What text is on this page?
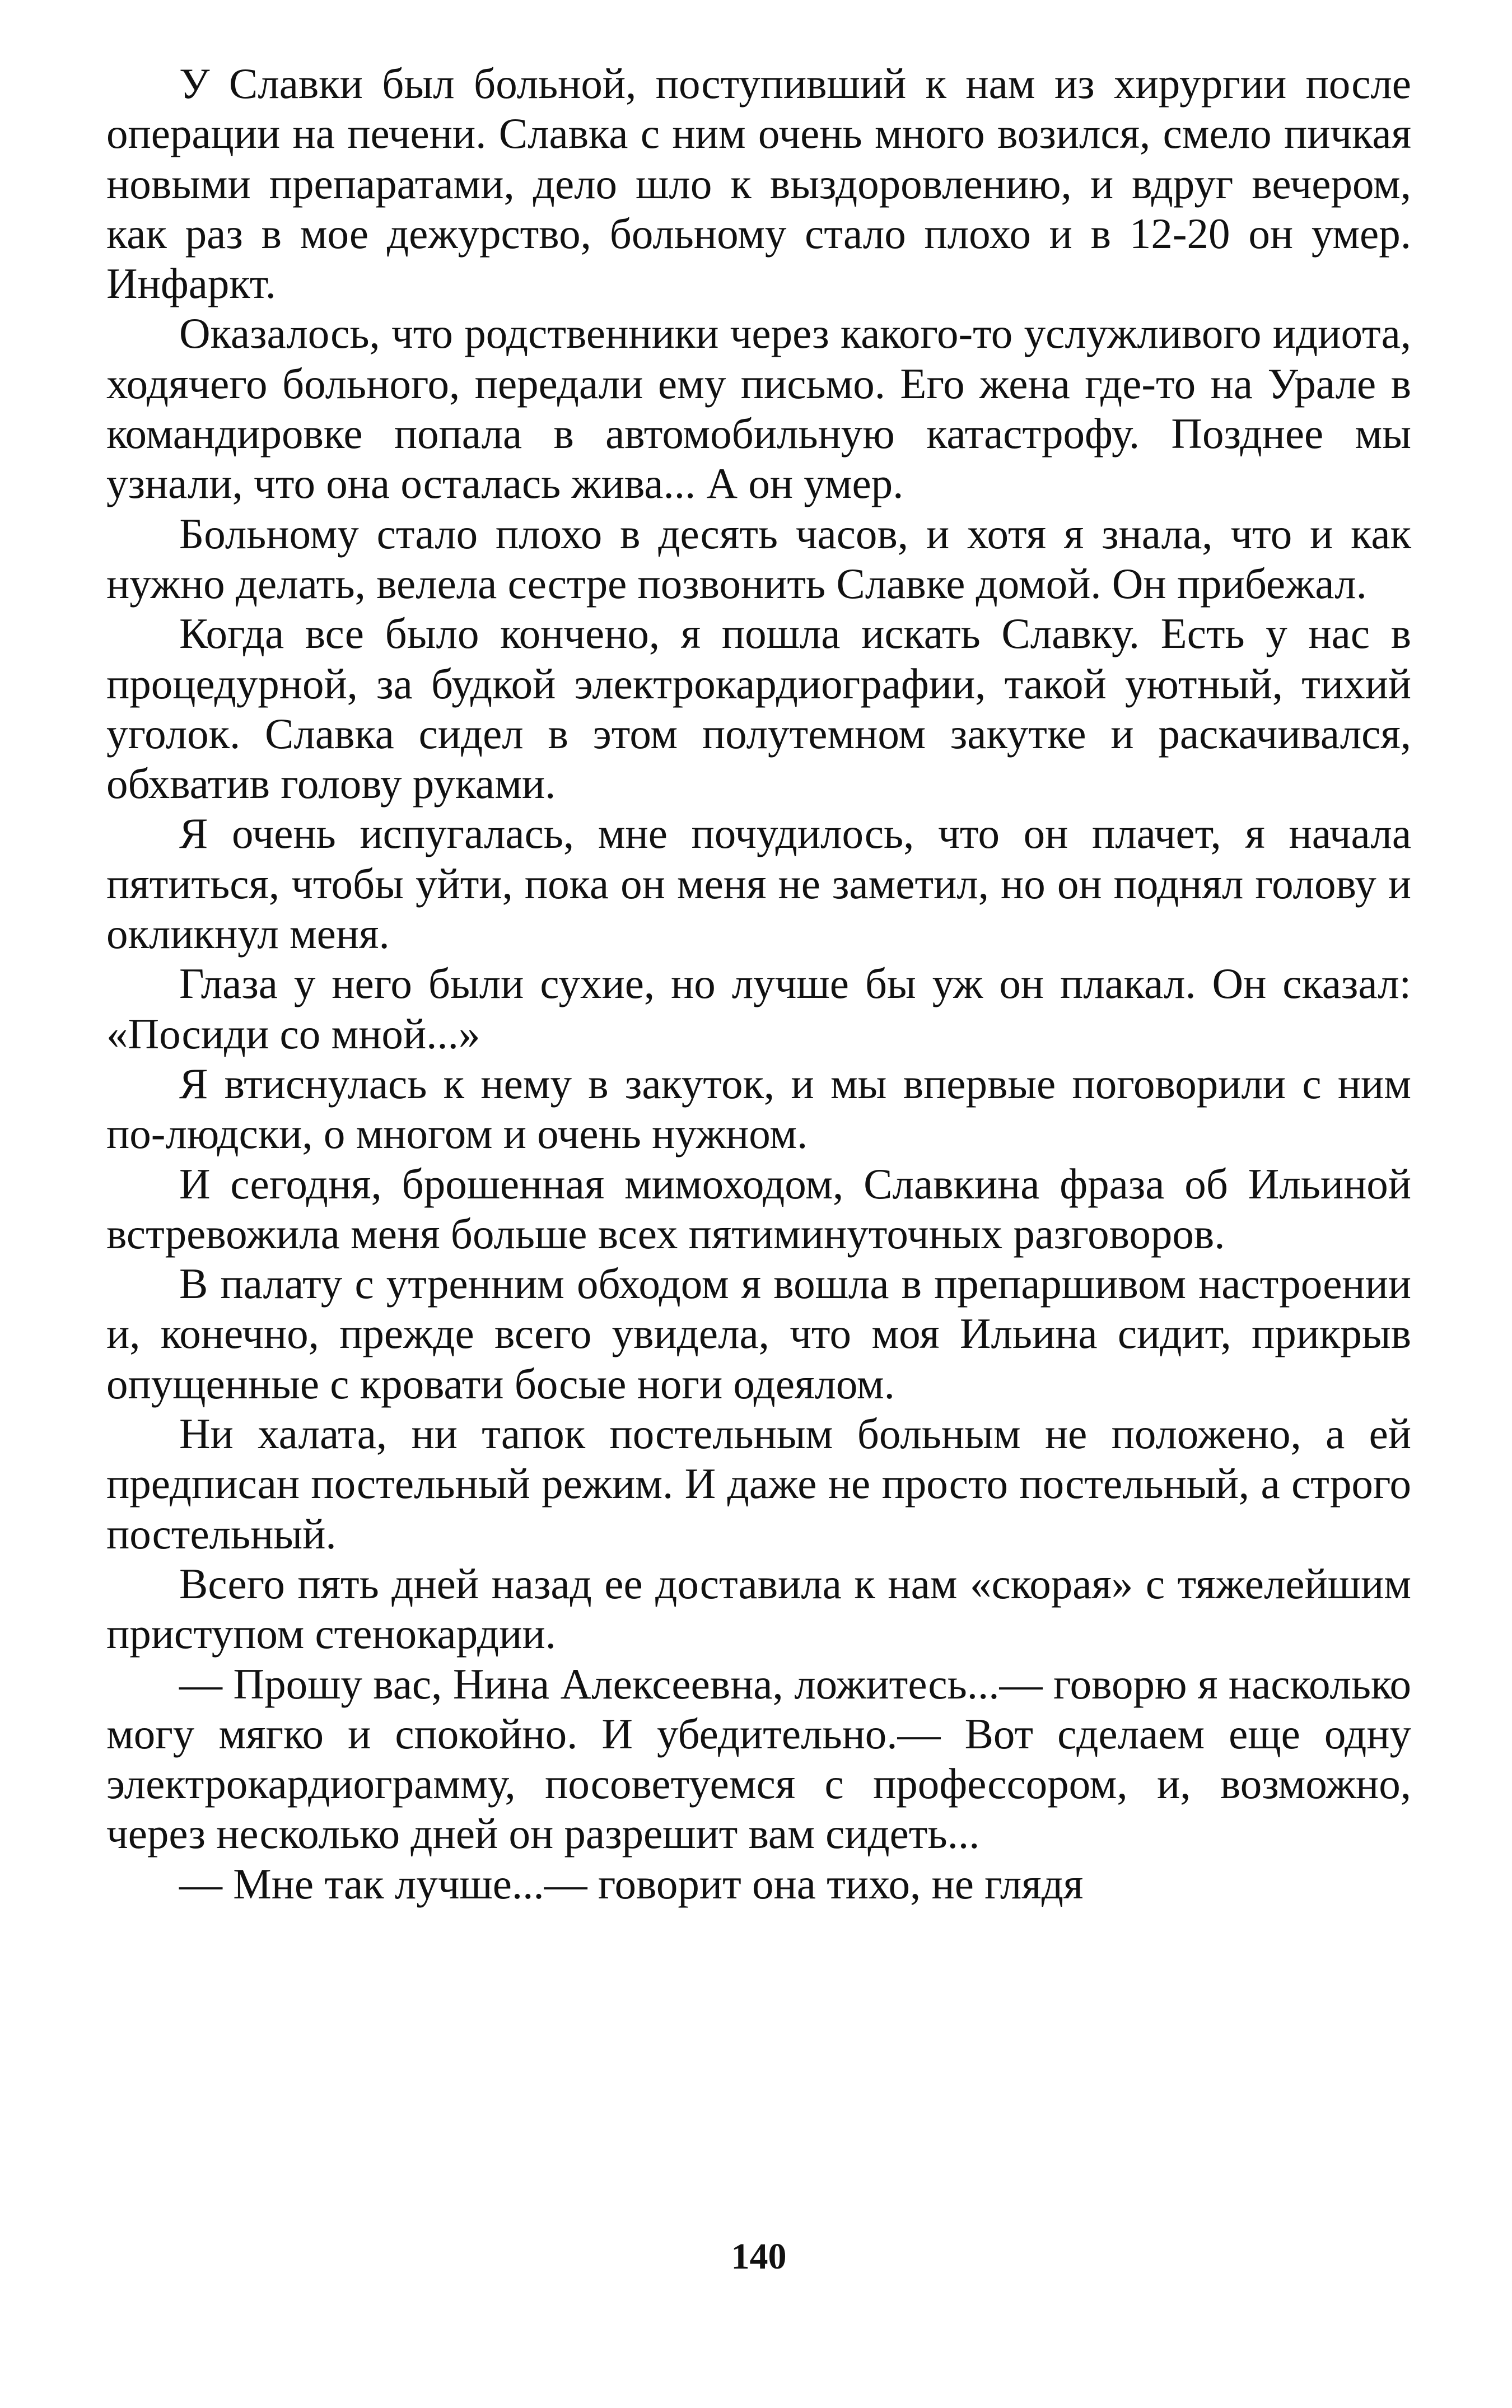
У Славки был больной, поступивший к нам из хирургии после операции на печени. Славка с ним очень много возился, смело пичкая новыми препаратами, дело шло к выздоровлению, и вдруг вечером, как раз в мое дежурство, больному стало плохо и в 12-20 он умер. Инфаркт.

Оказалось, что родственники через какого-то услужливого идиота, ходячего больного, передали ему письмо. Его жена где-то на Урале в командировке попала в автомобильную катастрофу. Позднее мы узнали, что она осталась жива... А он умер.

Больному стало плохо в десять часов, и хотя я знала, что и как нужно делать, велела сестре позвонить Славке домой. Он прибежал.

Когда все было кончено, я пошла искать Славку. Есть у нас в процедурной, за будкой электрокардиографии, такой уютный, тихий уголок. Славка сидел в этом полутемном закутке и раскачивался, обхватив голову руками.

Я очень испугалась, мне почудилось, что он плачет, я начала пятиться, чтобы уйти, пока он меня не заметил, но он поднял голову и окликнул меня.

Глаза у него были сухие, но лучше бы уж он плакал. Он сказал: «Посиди со мной...»

Я втиснулась к нему в закуток, и мы впервые поговорили с ним по-людски, о многом и очень нужном.

И сегодня, брошенная мимоходом, Славкина фраза об Ильиной встревожила меня больше всех пятиминуточных разговоров.

В палату с утренним обходом я вошла в препаршивом настроении и, конечно, прежде всего увидела, что моя Ильина сидит, прикрыв опущенные с кровати босые ноги одеялом.

Ни халата, ни тапок постельным больным не положено, а ей предписан постельный режим. И даже не просто постельный, а строго постельный.

Всего пять дней назад ее доставила к нам «скорая» с тяжелейшим приступом стенокардии.

— Прошу вас, Нина Алексеевна, ложитесь...— говорю я насколько могу мягко и спокойно. И убедительно.— Вот сделаем еще одну электрокардиограмму, посоветуемся с профессором, и, возможно, через несколько дней он разрешит вам сидеть...

— Мне так лучше...— говорит она тихо, не глядя

140
